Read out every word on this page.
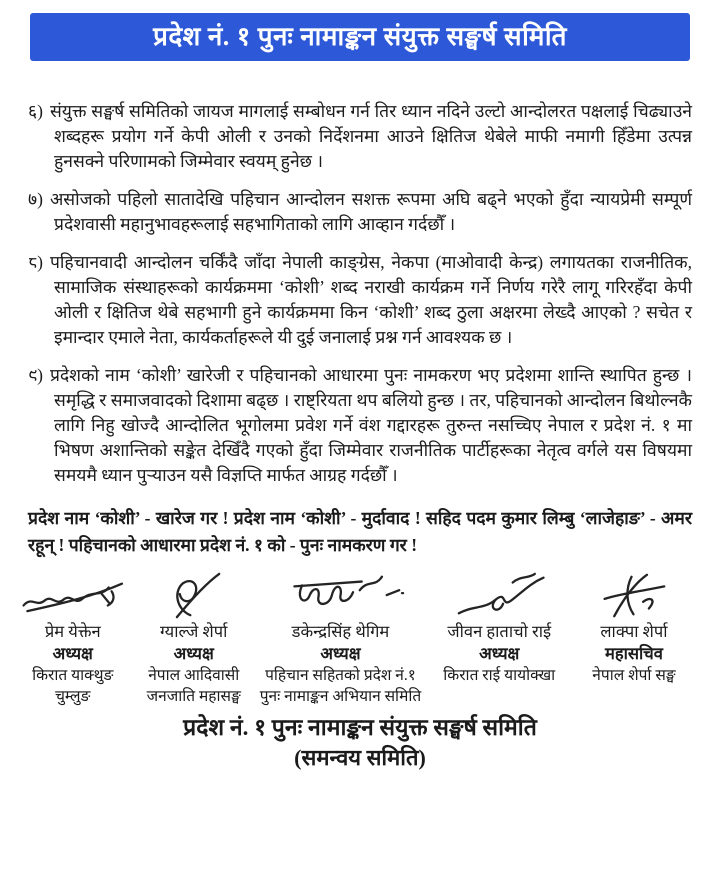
प्रदेश नं. १ पुनः नामाङ्कन संयुक्त सङ्घर्ष समिति

६) संयुक्त सङ्घर्ष समितिको जायज मागलाई सम्बोधन गर्न तिर ध्यान नदिने उल्टो आन्दोलरत पक्षलाई चिढ्याउने शब्दहरू प्रयोग गर्ने केपी ओली र उनको निर्देशनमा आउने क्षितिज थेबेले माफी नमागी हिँडेमा उत्पन्न हुनसक्ने परिणामको जिम्मेवार स्वयम् हुनेछ ।

७) असोजको पहिलो सातादेखि पहिचान आन्दोलन सशक्त रूपमा अघि बढ्ने भएको हुँदा न्यायप्रेमी सम्पूर्ण प्रदेशवासी महानुभावहरूलाई सहभागिताको लागि आव्हान गर्दछौँ ।

८) पहिचानवादी आन्दोलन चर्किंदै जाँदा नेपाली काङ्ग्रेस, नेकपा (माओवादी केन्द्र) लगायतका राजनीतिक, सामाजिक संस्थाहरूको कार्यक्रममा ‘कोशी’ शब्द नराखी कार्यक्रम गर्ने निर्णय गरेरै लागू गरिरहँदा केपी ओली र क्षितिज थेबे सहभागी हुने कार्यक्रममा किन ‘कोशी’ शब्द ठुला अक्षरमा लेख्दै आएको ? सचेत र इमान्दार एमाले नेता, कार्यकर्ताहरूले यी दुई जनालाई प्रश्न गर्न आवश्यक छ ।

९) प्रदेशको नाम ‘कोशी’ खारेजी र पहिचानको आधारमा पुनः नामकरण भए प्रदेशमा शान्ति स्थापित हुन्छ । समृद्धि र समाजवादको दिशामा बढ्छ । राष्ट्रियता थप बलियो हुन्छ । तर, पहिचानको आन्दोलन बिथोल्नकै लागि निहु खोज्दै आन्दोलित भूगोलमा प्रवेश गर्ने वंश गद्दारहरू तुरुन्त नसच्चिए नेपाल र प्रदेश नं. १ मा भिषण अशान्तिको सङ्केत देखिँदै गएको हुँदा जिम्मेवार राजनीतिक पार्टीहरूका नेतृत्व वर्गले यस विषयमा समयमै ध्यान पुर्‍याउन यसै विज्ञप्ति मार्फत आग्रह गर्दछौँ ।

प्रदेश नाम ‘कोशी’ - खारेज गर ! प्रदेश नाम ‘कोशी’ - मुर्दावाद ! सहिद पदम कुमार लिम्बु ‘लाजेहाङ’ - अमर रहून् ! पहिचानको आधारमा प्रदेश नं. १ को - पुनः नामकरण गर !

प्रेम येक्तेन
अध्यक्ष
किरात याक्थुङ चुम्लुङ
ग्याल्जे शेर्पा
अध्यक्ष
नेपाल आदिवासी जनजाति महासङ्घ
डकेन्द्रसिंह थेगिम
अध्यक्ष
पहिचान सहितको प्रदेश नं.१ पुनः नामाङ्कन अभियान समिति
जीवन हाताचो राई
अध्यक्ष
किरात राई यायोक्खा
लाक्पा शेर्पा
महासचिव
नेपाल शेर्पा सङ्घ
प्रदेश नं. १ पुनः नामाङ्कन संयुक्त सङ्घर्ष समिति
(समन्वय समिति)
